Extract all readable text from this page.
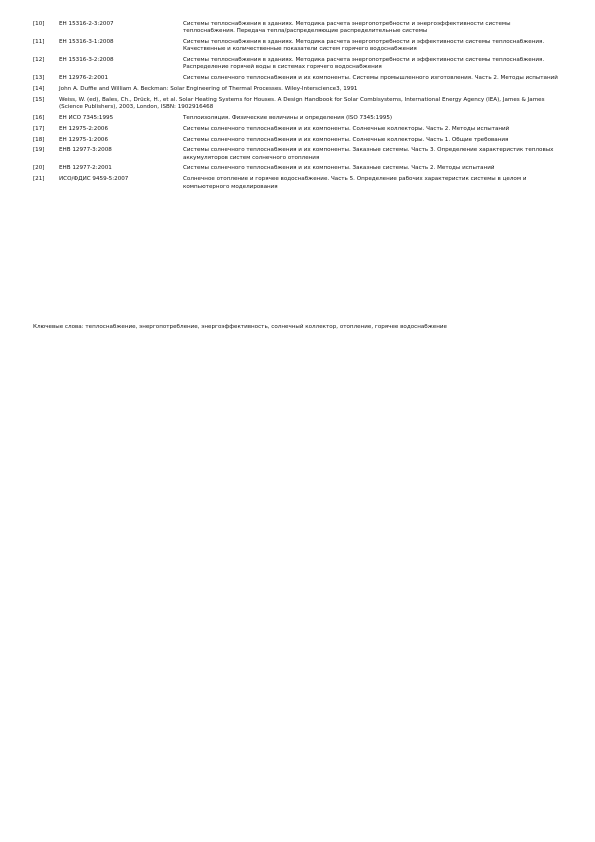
[10]	ЕН 15316-2-3:2007	Системы теплоснабжения в зданиях. Методика расчета энергопотребности и энергоэффективности системы теплоснабжения. Передача тепла/распределяющие распределительные системы
[11]	ЕН 15316-3-1:2008	Системы теплоснабжения в зданиях. Методика расчета энергопотребности и эффективности системы теплоснабжения. Качественные и количественные показатели систем горячего водоснабжения
[12]	ЕН 15316-3-2:2008	Системы теплоснабжения в зданиях. Методика расчета энергопотребности и эффективности системы теплоснабжения. Распределение горячей воды в системах горячего водоснабжения
[13]	ЕН 12976-2:2001	Системы солнечного теплоснабжения и их компоненты. Системы промышленного изготовления. Часть 2. Методы испытаний
[14]	John A. Duffie and William A. Beckman: Solar Engineering of Thermal Processes. Wiley-Interscience3, 1991
[15]	Weiss, W. (ed), Bales, Ch., Drück, H., et al. Solar Heating Systems for Houses. A Design Handbook for Solar Combisystems, International Energy Agency (IEA), James & James (Science Publishers), 2003, London, ISBN: 1902916468
[16]	ЕН ИСО 7345:1995	Теплоизоляция. Физические величины и определения (ISO 7345:1995)
[17]	ЕН 12975-2:2006	Системы солнечного теплоснабжения и их компоненты. Солнечные коллекторы. Часть 2. Методы испытаний
[18]	ЕН 12975-1:2006	Системы солнечного теплоснабжения и их компоненты. Солнечные коллекторы. Часть 1. Общие требования
[19]	ЕНВ 12977-3:2008	Системы солнечного теплоснабжения и их компоненты. Заказные системы. Часть 3. Определение характеристик тепловых аккумуляторов систем солнечного отопления
[20]	ЕНВ 12977-2:2001	Системы солнечного теплоснабжения и их компоненты. Заказные системы. Часть 2. Методы испытаний
[21]	ИСО/ФДИС 9459-5:2007	Солнечное отопление и горячее водоснабжение. Часть 5. Определение рабочих характеристик системы в целом и компьютерного моделирования
Ключевые слова: теплоснабжение, энергопотребление, энергоэффективность, солнечный коллектор, отопление, горячее водоснабжение
